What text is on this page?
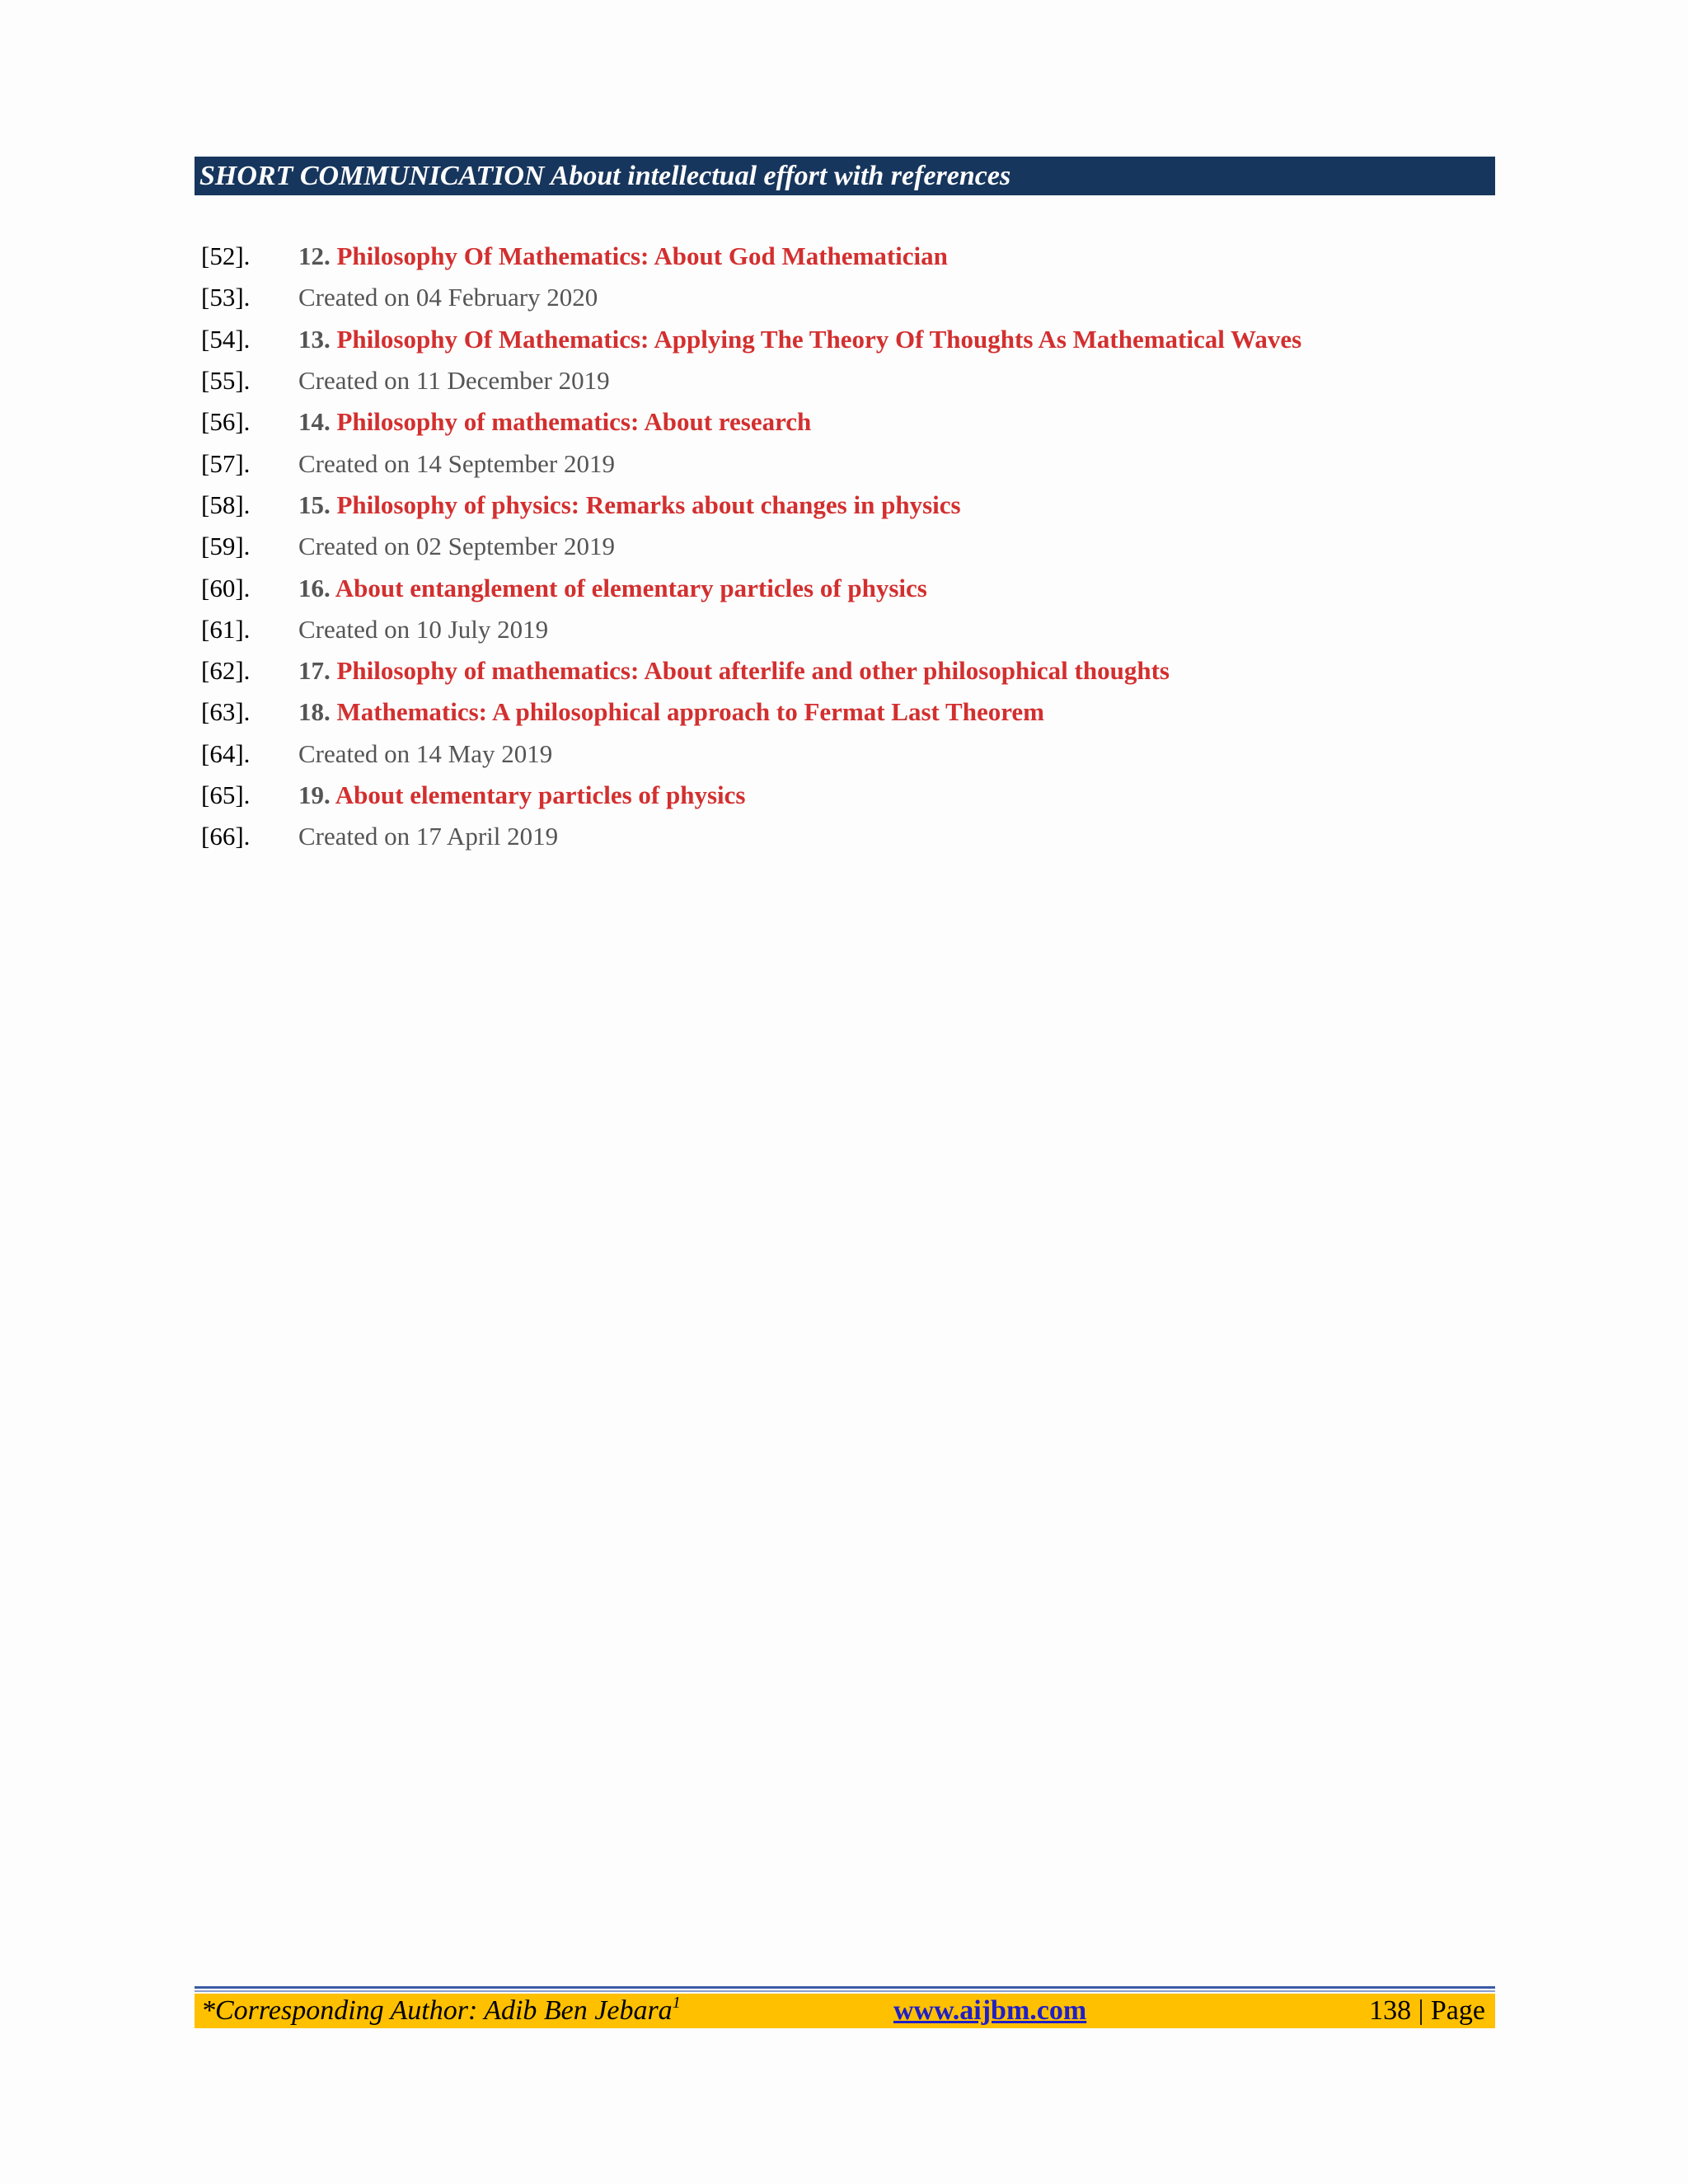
SHORT COMMUNICATION About intellectual effort with references
[52].	12. Philosophy Of Mathematics: About God Mathematician
[53].	Created on 04 February 2020
[54].	13. Philosophy Of Mathematics: Applying The Theory Of Thoughts As Mathematical Waves
[55].	Created on 11 December 2019
[56].	14. Philosophy of mathematics: About research
[57].	Created on 14 September 2019
[58].	15. Philosophy of physics: Remarks about changes in physics
[59].	Created on 02 September 2019
[60].	16. About entanglement of elementary particles of physics
[61].	Created on 10 July 2019
[62].	17. Philosophy of mathematics: About afterlife and other philosophical thoughts
[63].	18. Mathematics: A philosophical approach to Fermat Last Theorem
[64].	Created on 14 May 2019
[65].	19. About elementary particles of physics
[66].	Created on 17 April 2019
*Corresponding Author: Adib Ben Jebara$^1$	www.aijbm.com	138 | Page
